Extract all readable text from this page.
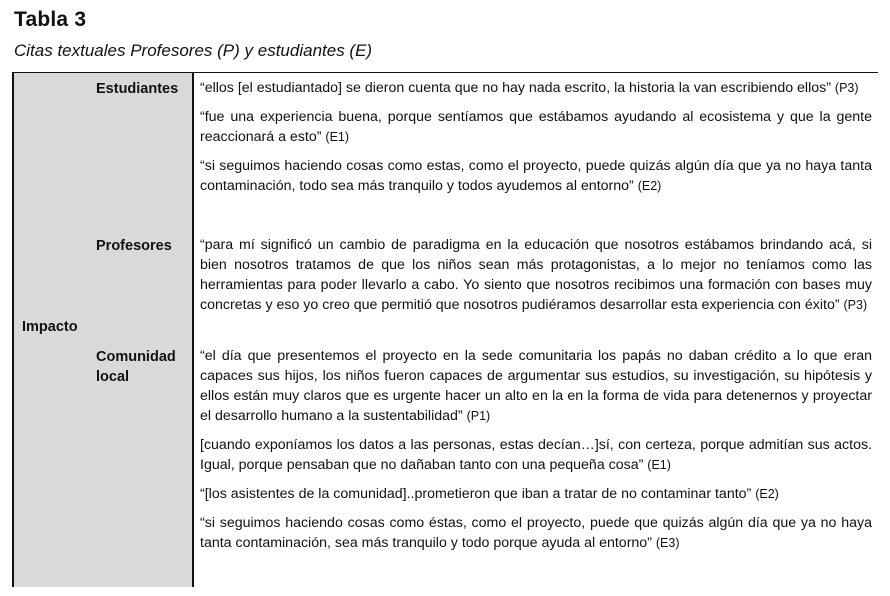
Tabla 3
Citas textuales Profesores (P) y estudiantes (E)
Impacto
Estudiantes
Profesores
Comunidad
local

“ellos [el estudiantado] se dieron cuenta que no hay nada escrito, la historia la van escribiendo ellos” (P3)

“fue una experiencia buena, porque sentíamos que estábamos ayudando al ecosistema y que la gente reaccionará a esto” (E1)

“si seguimos haciendo cosas como estas, como el proyecto, puede quizás algún día que ya no haya tanta contaminación, todo sea más tranquilo y todos ayudemos al entorno” (E2)

“para mí significó un cambio de paradigma en la educación que nosotros estábamos brindando acá, si bien nosotros tratamos de que los niños sean más protagonistas, a lo mejor no teníamos como las herramientas para poder llevarlo a cabo. Yo siento que nosotros recibimos una formación con bases muy concretas y eso yo creo que permitió que nosotros pudiéramos desarrollar esta experiencia con éxito” (P3)

“el día que presentemos el proyecto en la sede comunitaria los papás no daban crédito a lo que eran capaces sus hijos, los niños fueron capaces de argumentar sus estudios, su investigación, su hipótesis y ellos están muy claros que es urgente hacer un alto en la en la forma de vida para detenernos y proyectar el desarrollo humano a la sustentabilidad” (P1)

[cuando exponíamos los datos a las personas, estas decían…]sí, con certeza, porque admitían sus actos. Igual, porque pensaban que no dañaban tanto con una pequeña cosa” (E1)

“[los asistentes de la comunidad]..prometieron que iban a tratar de no contaminar tanto” (E2)

“si seguimos haciendo cosas como éstas, como el proyecto, puede que quizás algún día que ya no haya tanta contaminación, sea más tranquilo y todo porque ayuda al entorno” (E3)
